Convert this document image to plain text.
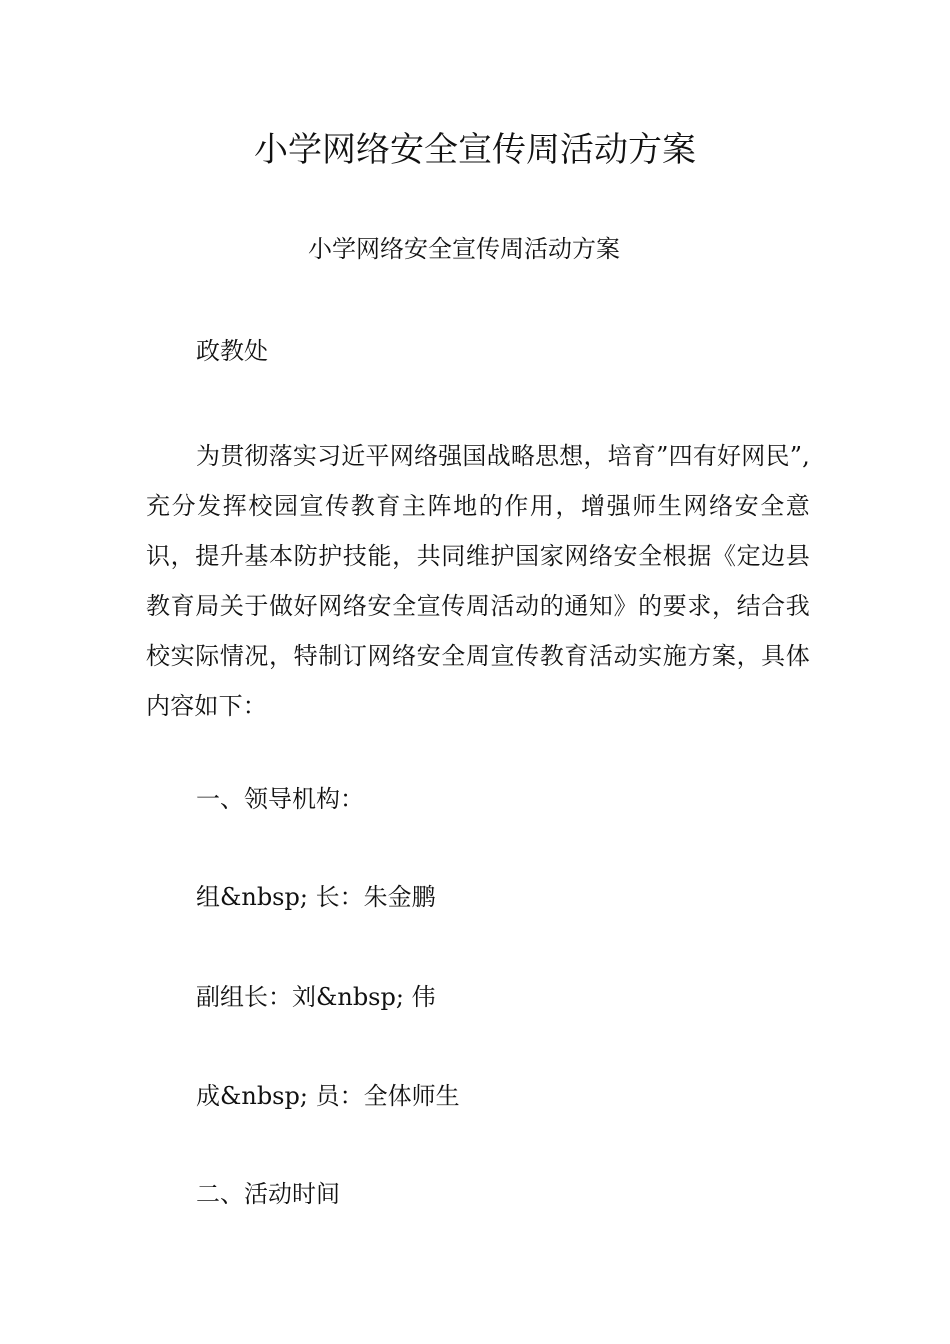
小学网络安全宣传周活动方案

小学网络安全宣传周活动方案

政教处

为贯彻落实习近平网络强国战略思想，培育”四有好网民”,充分发挥校园宣传教育主阵地的作用，增强师生网络安全意识，提升基本防护技能，共同维护国家网络安全根据《定边县教育局关于做好网络安全宣传周活动的通知》的要求，结合我校实际情况，特制订网络安全周宣传教育活动实施方案，具体内容如下：

一、领导机构：

组&nbsp; 长：朱金鹏

副组长：刘&nbsp; 伟

成&nbsp; 员：全体师生

二、活动时间
